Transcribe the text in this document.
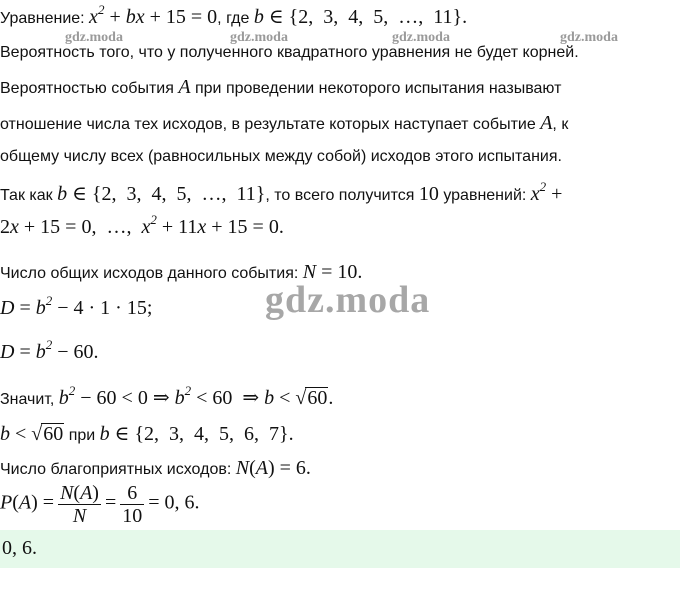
gdz.moda	gdz.moda	gdz.moda	gdz.moda
gdz.moda
Уравнение: $x^2$ + bx + 15 = 0, где b ∈ {2,  3,  4,  5,  …,  11}.
Вероятность того, что у полученного квадратного уравнения не будет корней.
Вероятностью события A при проведении некоторого испытания называют
отношение числа тех исходов, в результате которых наступает событие A, к
общему числу всех (равносильных между собой) исходов этого испытания.
Так как b ∈ {2,  3,  4,  5,  …,  11}, то всего получится 10 уравнений: $x^2$ +
2x + 15 = 0,  …,  $x^2 + 11x + 15 = 0$.
Число общих исходов данного события: N = 10.
$D = b^2 - 4 \cdot 1 \cdot 15$;
$D = b^2 - 60$.
Значит, $b^2 - 60 < 0$ ⇒ $b^2 < 60$  ⇒ b < √60.
b < √60 при b ∈ {2,  3,  4,  5,  6,  7}.
Число благоприятных исходов: N(A) = 6.
$P(A) = \frac{N(A)}{N} = \frac{6}{10} = 0$, 6.
0, 6.
